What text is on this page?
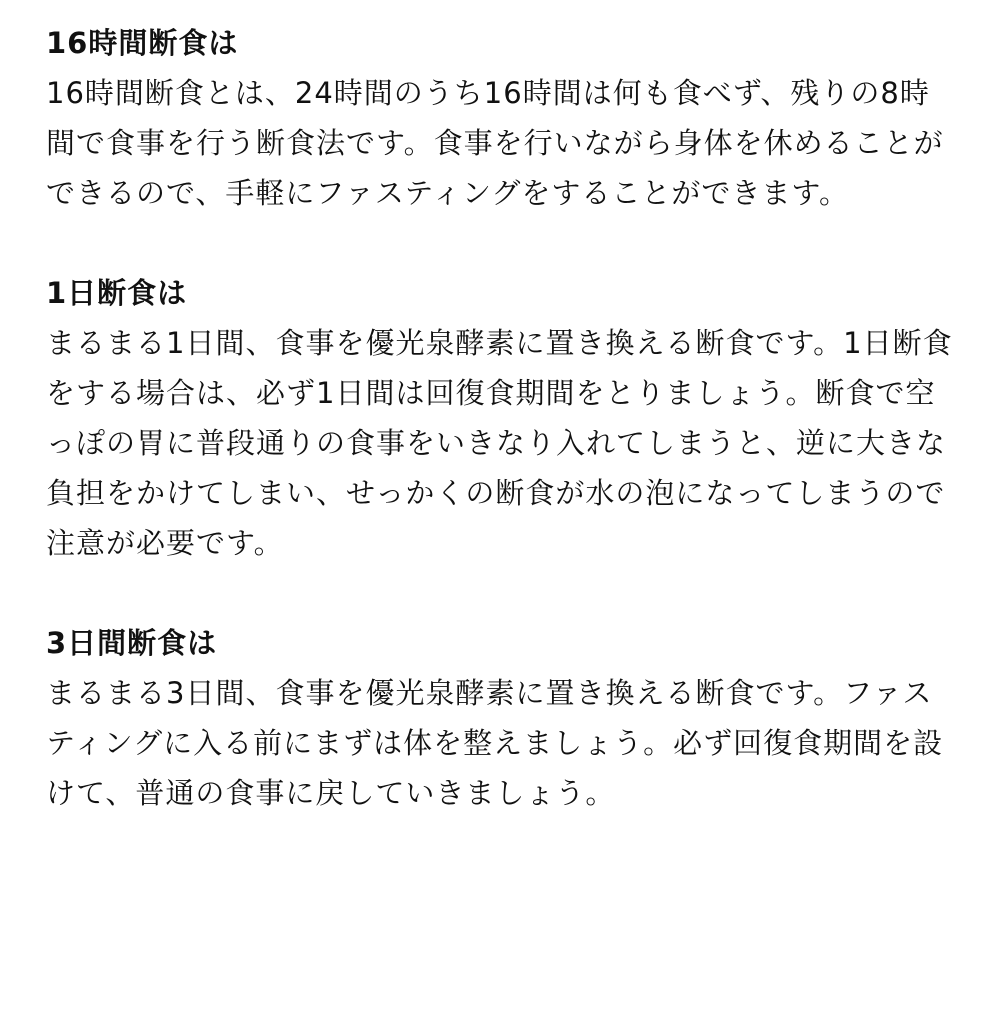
16時間断食は

16時間断食とは、24時間のうち16時間は何も食べず、残りの8時間で食事を行う断食法です。食事を行いながら身体を休めることができるので、手軽にファスティングをすることができます。

1日断食は

まるまる1日間、食事を優光泉酵素に置き換える断食です。1日断食をする場合は、必ず1日間は回復食期間をとりましょう。断食で空っぽの胃に普段通りの食事をいきなり入れてしまうと、逆に大きな負担をかけてしまい、せっかくの断食が水の泡になってしまうので注意が必要です。

3日間断食は

まるまる3日間、食事を優光泉酵素に置き換える断食です。ファスティングに入る前にまずは体を整えましょう。必ず回復食期間を設けて、普通の食事に戻していきましょう。
